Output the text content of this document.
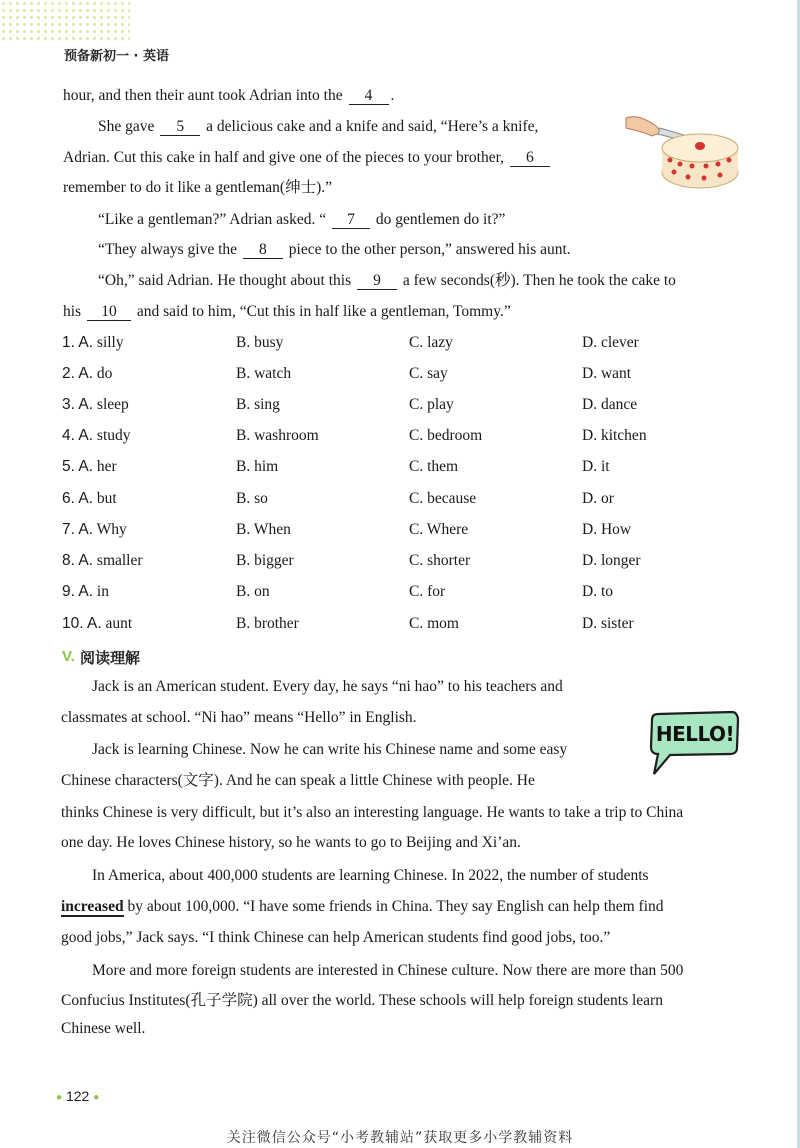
预备新初一 · 英语
hour, and then their aunt took Adrian into the 4 .
She gave 5 a delicious cake and a knife and said, “Here’s a knife,
Adrian. Cut this cake in half and give one of the pieces to your brother, 6
remember to do it like a gentleman(绅士).”
“Like a gentleman?” Adrian asked. “ 7 do gentlemen do it?”
“They always give the 8 piece to the other person,” answered his aunt.
“Oh,” said Adrian. He thought about this 9 a few seconds(秒). Then he took the cake to
his 10 and said to him, “Cut this in half like a gentleman, Tommy.”
1. A. silly	B. busy	C. lazy	D. clever
2. A. do	B. watch	C. say	D. want
3. A. sleep	B. sing	C. play	D. dance
4. A. study	B. washroom	C. bedroom	D. kitchen
5. A. her	B. him	C. them	D. it
6. A. but	B. so	C. because	D. or
7. A. Why	B. When	C. Where	D. How
8. A. smaller	B. bigger	C. shorter	D. longer
9. A. in	B. on	C. for	D. to
10. A. aunt	B. brother	C. mom	D. sister
V. 阅读理解
Jack is an American student. Every day, he says “ni hao” to his teachers and
classmates at school. “Ni hao” means “Hello” in English.
Jack is learning Chinese. Now he can write his Chinese name and some easy
Chinese characters(文字). And he can speak a little Chinese with people. He
thinks Chinese is very difficult, but it’s also an interesting language. He wants to take a trip to China
one day. He loves Chinese history, so he wants to go to Beijing and Xi’an.
In America, about 400,000 students are learning Chinese. In 2022, the number of students
increased by about 100,000. “I have some friends in China. They say English can help them find
good jobs,” Jack says. “I think Chinese can help American students find good jobs, too.”
More and more foreign students are interested in Chinese culture. Now there are more than 500
Confucius Institutes(孔子学院) all over the world. These schools will help foreign students learn
Chinese well.
HELLO!
● 122 ●
关注微信公众号“小考教辅站”获取更多小学教辅资料
